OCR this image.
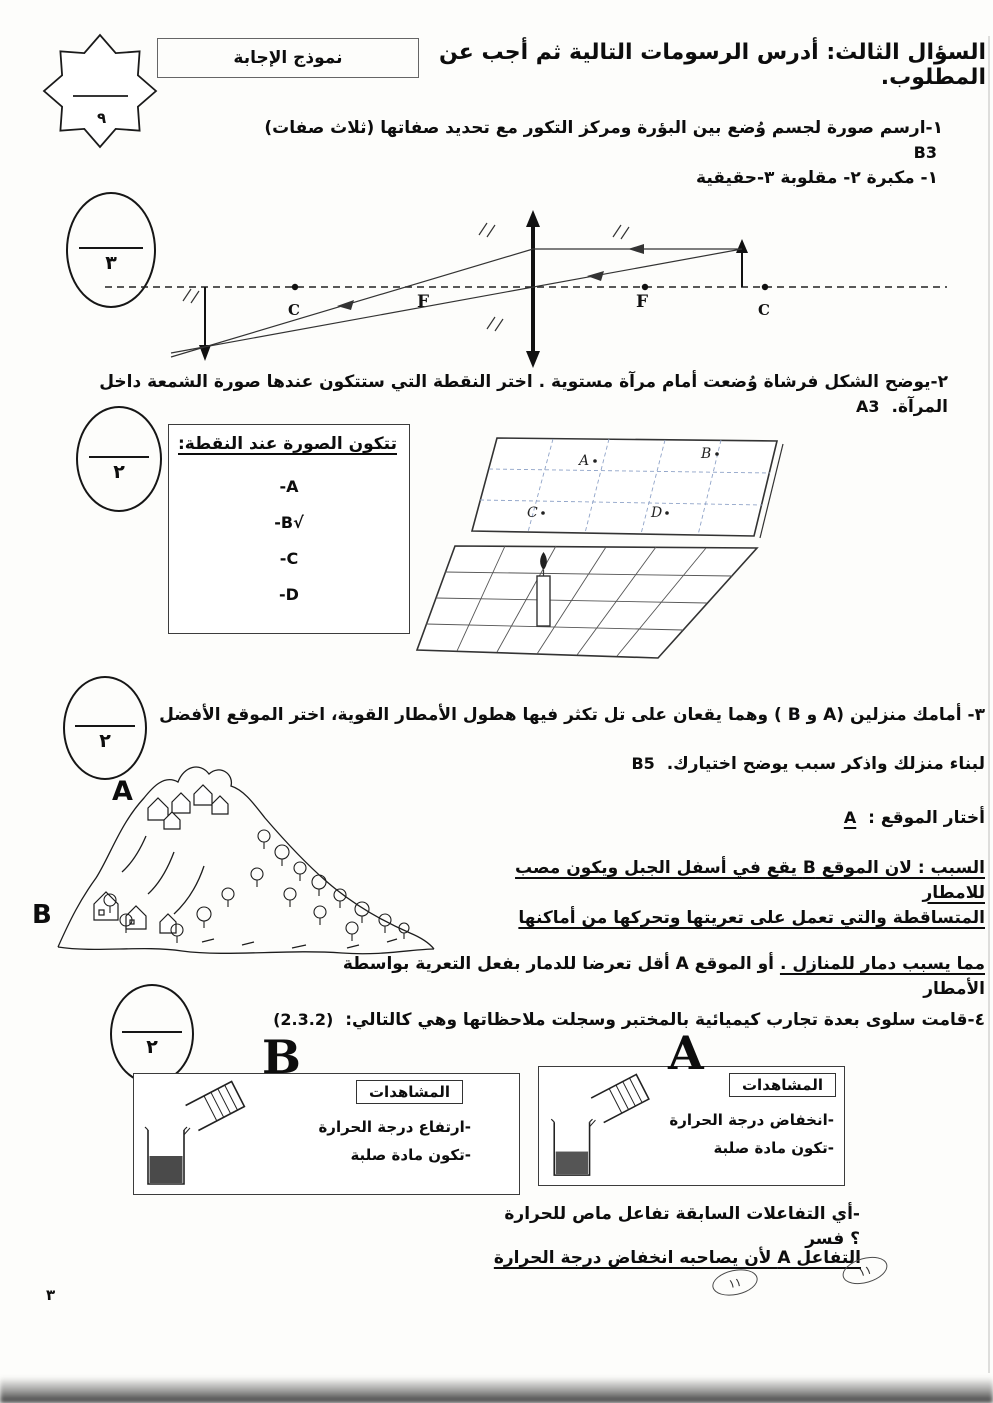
٩
نموذج الإجابة	السؤال الثالث: أدرس الرسومات التالية ثم أجب عن المطلوب.
١-ارسم صورة لجسم وُضع بين البؤرة ومركز التكور مع تحديد صفاتها (ثلاث صفات) B3
١- مكبرة ٢- مقلوبة ٣-حقيقية
٣
C	F	F	C
٢-يوضح الشكل فرشاة وُضعت أمام مرآة مستوية . اختر النقطة التي ستتكون عندها صورة الشمعة داخل المرآة. A3
٢
تتكون الصورة عند النقطة:
-A
-B√
-C
-D
A	B
C	D
٢
٣- أمامك منزلين (A و B ) وهما يقعان على تل تكثر فيها هطول الأمطار القوية، اختر الموقع الأفضل
لبناء منزلك واذكر سبب يوضح اختيارك. B5
A
B
أختار الموقع : A
السبب : لان الموقع B يقع في أسفل الجبل ويكون مصب للامطار
المتساقطة والتي تعمل على تعريتها وتحركها من أماكنها
مما يسبب دمار للمنازل . أو الموقع A أقل تعرضا للدمار بفعل التعرية بواسطة الأمطار
٢
٤-قامت سلوى بعدة تجارب كيميائية بالمختبر وسجلت ملاحظاتها وهي كالتالي: (2.3.2)
B	A
المشاهدات
-ارتفاع درجة الحرارة
-تكون مادة صلبة
المشاهدات
-انخفاض درجة الحرارة
-تكون مادة صلبة
-أي التفاعلات السابقة تفاعل ماص للحرارة ؟ فسر
التفاعل A لأن يصاحبه انخفاض درجة الحرارة
٣
١١
١١
